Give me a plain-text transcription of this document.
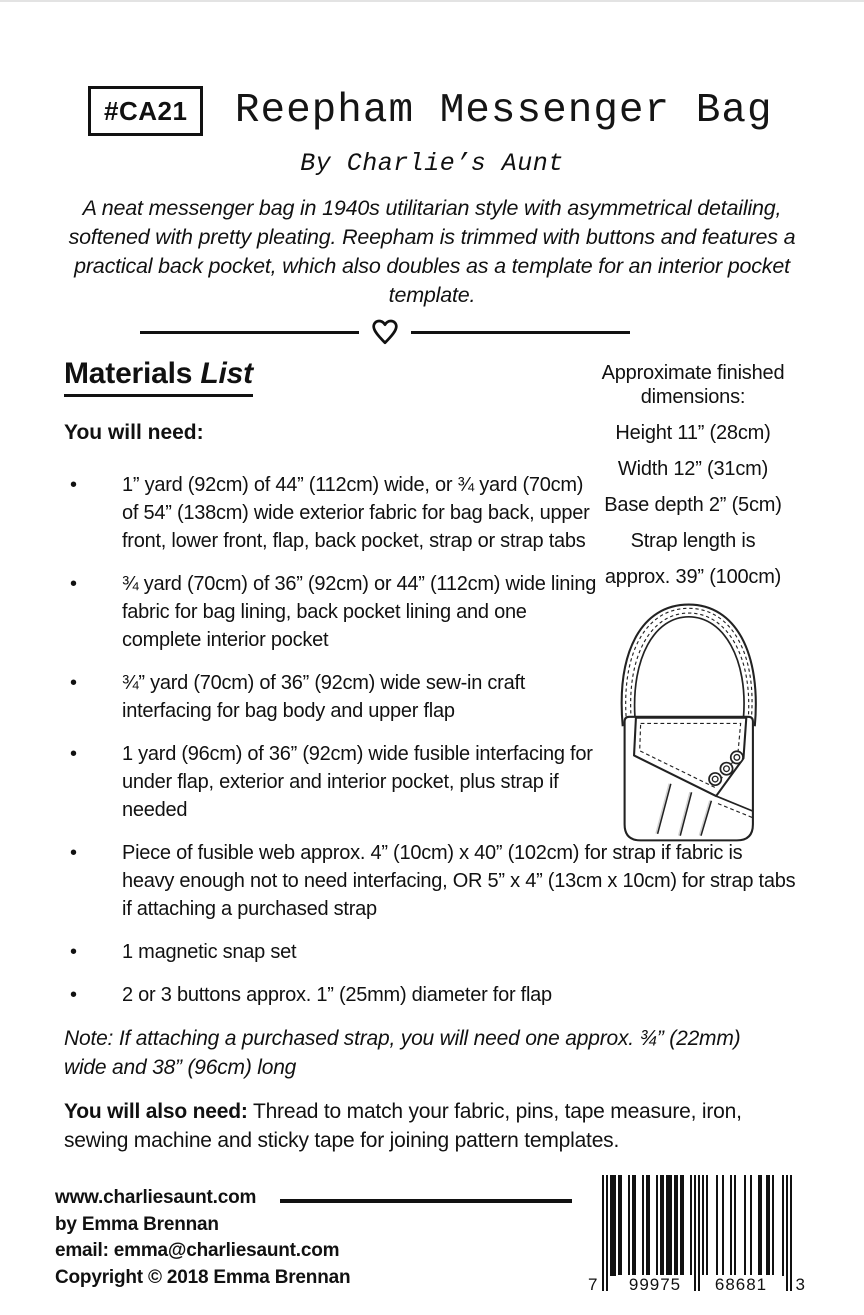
#CA21	Reepham Messenger Bag
By Charlie’s Aunt
A neat messenger bag in 1940s utilitarian style with asymmetrical detailing, softened with pretty pleating. Reepham is trimmed with buttons and features a practical back pocket, which also doubles as a template for an interior pocket template.
Materials List
You will need:
•	1” yard (92cm) of 44” (112cm) wide, or ¾ yard (70cm) of 54” (138cm) wide exterior fabric for bag back, upper front, lower front, flap, back pocket, strap or strap tabs
•	¾ yard (70cm) of 36” (92cm) or 44” (112cm) wide lining fabric for bag lining, back pocket lining and one complete interior pocket
•	¾” yard (70cm) of 36” (92cm) wide sew-in craft interfacing for bag body and upper flap
•	1 yard (96cm) of 36” (92cm) wide fusible interfacing for under flap, exterior and interior pocket, plus strap if needed
•	Piece of fusible web approx. 4” (10cm) x 40” (102cm) for strap if fabric is heavy enough not to need interfacing, OR 5” x 4” (13cm x 10cm) for strap tabs if attaching a purchased strap
•	1 magnetic snap set
•	2 or 3 buttons approx. 1” (25mm) diameter for flap
Note: If attaching a purchased strap, you will need one approx. ¾” (22mm) wide and 38” (96cm) long
You will also need: Thread to match your fabric, pins, tape measure, iron, sewing machine and sticky tape for joining pattern templates.
Approximate finished dimensions:
Height 11” (28cm)
Width 12” (31cm)
Base depth 2” (5cm)
Strap length is
approx. 39” (100cm)
www.charliesaunt.com
by Emma Brennan
email: emma@charliesaunt.com
Copyright © 2018 Emma Brennan	7	99975	68681	3
